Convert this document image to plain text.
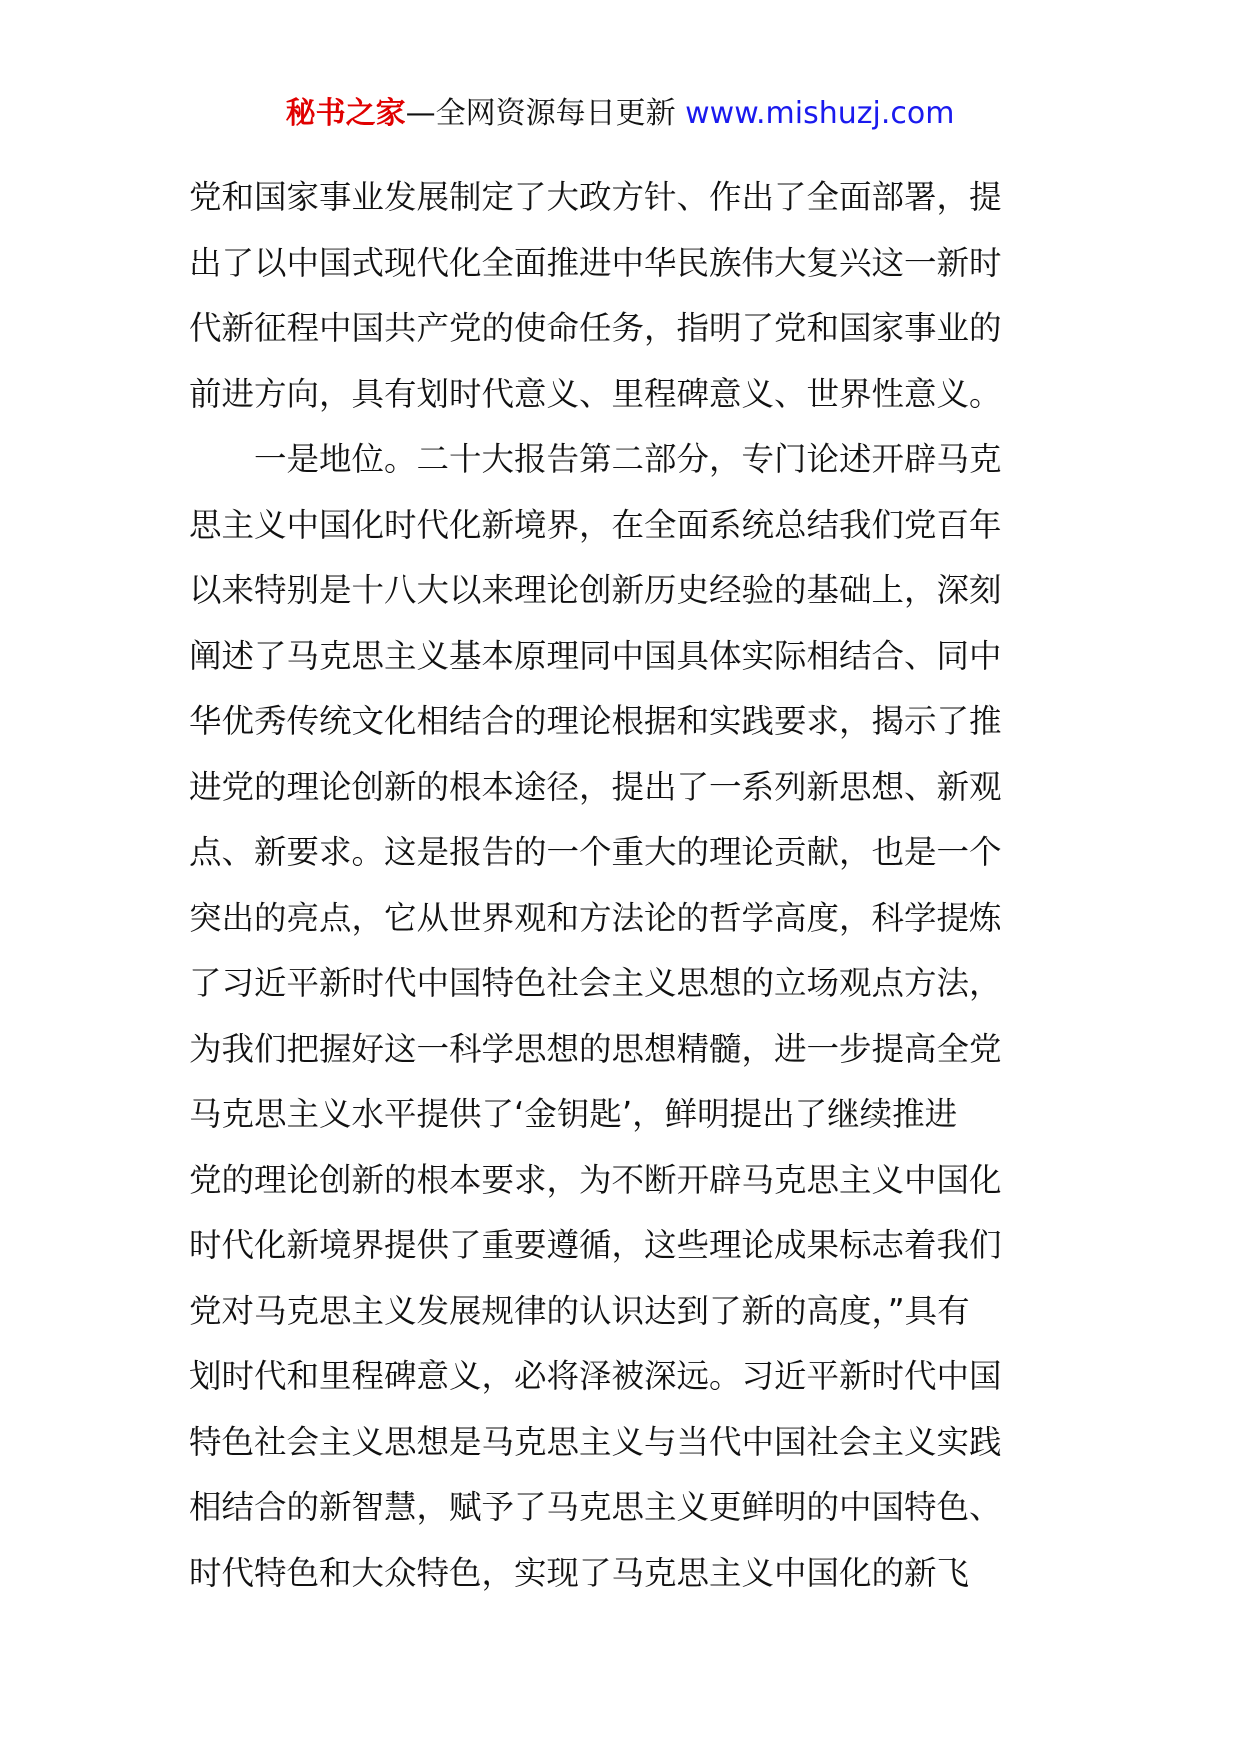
秘书之家—全网资源每日更新 www.mishuzj.com
党和国家事业发展制定了大政方针、作出了全面部署，提
出了以中国式现代化全面推进中华民族伟大复兴这一新时
代新征程中国共产党的使命任务，指明了党和国家事业的
前进方向，具有划时代意义、里程碑意义、世界性意义。
　　一是地位。二十大报告第二部分，专门论述开辟马克
思主义中国化时代化新境界，在全面系统总结我们党百年
以来特别是十八大以来理论创新历史经验的基础上，深刻
阐述了马克思主义基本原理同中国具体实际相结合、同中
华优秀传统文化相结合的理论根据和实践要求，揭示了推
进党的理论创新的根本途径，提出了一系列新思想、新观
点、新要求。这是报告的一个重大的理论贡献，也是一个
突出的亮点，它从世界观和方法论的哲学高度，科学提炼
了习近平新时代中国特色社会主义思想的立场观点方法，
为我们把握好这一科学思想的思想精髓，进一步提高全党
马克思主义水平提供了‘金钥匙’，鲜明提出了继续推进
党的理论创新的根本要求，为不断开辟马克思主义中国化
时代化新境界提供了重要遵循，这些理论成果标志着我们
党对马克思主义发展规律的认识达到了新的高度，”具有
划时代和里程碑意义，必将泽被深远。习近平新时代中国
特色社会主义思想是马克思主义与当代中国社会主义实践
相结合的新智慧，赋予了马克思主义更鲜明的中国特色、
时代特色和大众特色，实现了马克思主义中国化的新飞
